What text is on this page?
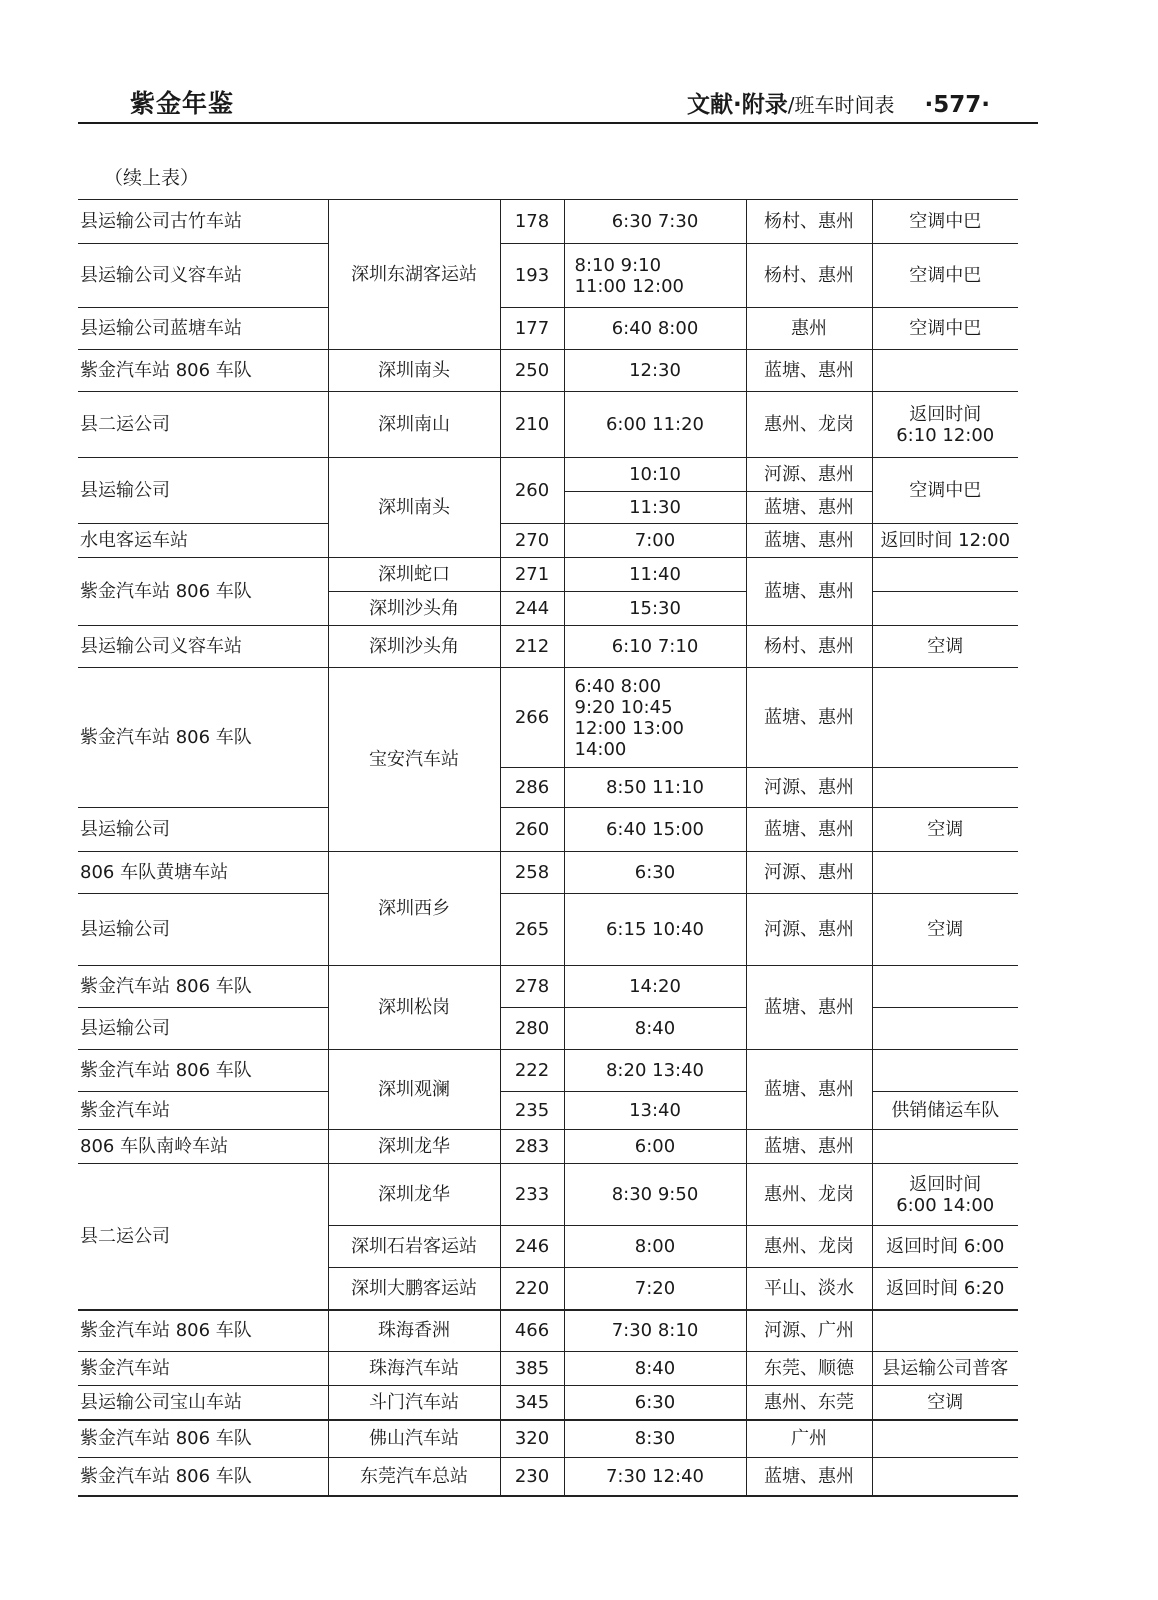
紫金年鉴	文献·附录/班车时间表 ·577·
（续上表）
县运输公司古竹车站	深圳东湖客运站	178	6:30 7:30	杨村、惠州	空调中巴
县运输公司义容车站		193	8:10 9:10
11:00 12:00	杨村、惠州	空调中巴
县运输公司蓝塘车站		177	6:40 8:00	惠州	空调中巴
紫金汽车站 806 车队	深圳南头	250	12:30	蓝塘、惠州	
县二运公司	深圳南山	210	6:00 11:20	惠州、龙岗	返回时间
6:10 12:00
县运输公司	深圳南头	260	10:10	河源、惠州	空调中巴
			11:30	蓝塘、惠州	
水电客运车站		270	7:00	蓝塘、惠州	返回时间 12:00
紫金汽车站 806 车队	深圳蛇口	271	11:40	蓝塘、惠州	
	深圳沙头角	244	15:30		
县运输公司义容车站	深圳沙头角	212	6:10 7:10	杨村、惠州	空调
紫金汽车站 806 车队	宝安汽车站	266	6:40 8:00
9:20 10:45
12:00 13:00
14:00	蓝塘、惠州	
		286	8:50 11:10	河源、惠州	
县运输公司		260	6:40 15:00	蓝塘、惠州	空调
806 车队黄塘车站	深圳西乡	258	6:30	河源、惠州	
县运输公司		265	6:15 10:40	河源、惠州	空调
紫金汽车站 806 车队	深圳松岗	278	14:20	蓝塘、惠州	
县运输公司		280	8:40		
紫金汽车站 806 车队	深圳观澜	222	8:20 13:40	蓝塘、惠州	
紫金汽车站		235	13:40		供销储运车队
806 车队南岭车站	深圳龙华	283	6:00	蓝塘、惠州	
县二运公司	深圳龙华	233	8:30 9:50	惠州、龙岗	返回时间
6:00 14:00
	深圳石岩客运站	246	8:00	惠州、龙岗	返回时间 6:00
	深圳大鹏客运站	220	7:20	平山、淡水	返回时间 6:20
紫金汽车站 806 车队	珠海香洲	466	7:30 8:10	河源、广州	
紫金汽车站	珠海汽车站	385	8:40	东莞、顺德	县运输公司普客
县运输公司宝山车站	斗门汽车站	345	6:30	惠州、东莞	空调
紫金汽车站 806 车队	佛山汽车站	320	8:30	广州	
紫金汽车站 806 车队	东莞汽车总站	230	7:30 12:40	蓝塘、惠州	
